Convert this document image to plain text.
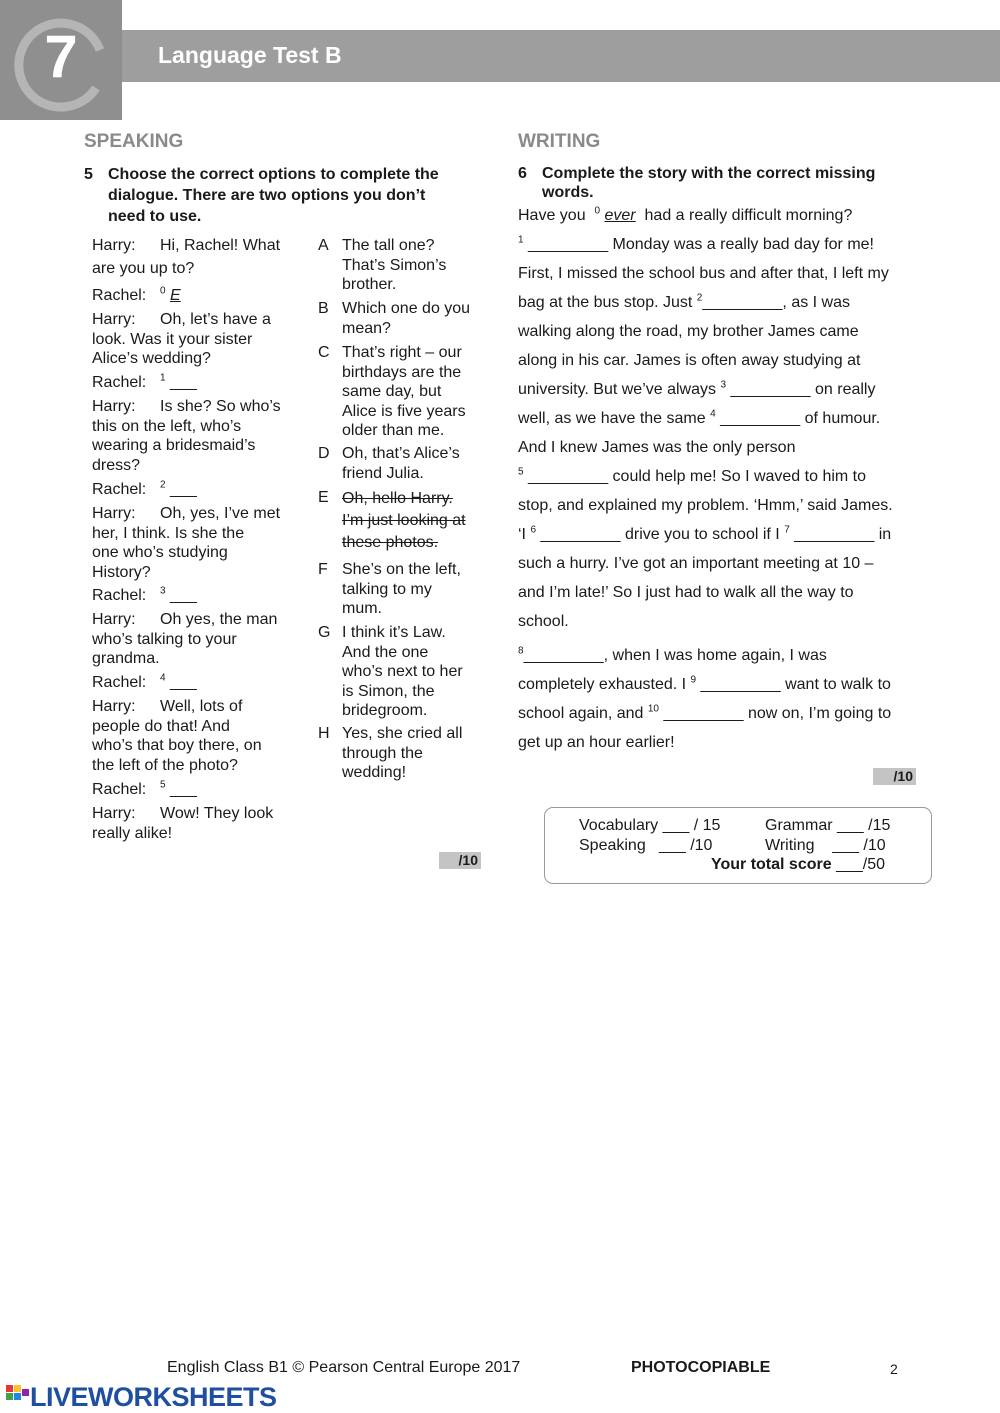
7	Language Test B
SPEAKING
5 Choose the correct options to complete the
dialogue. There are two options you don’t
need to use.
Harry: Hi, Rachel! What
are you up to?
Rachel: $^0$ E
Harry: Oh, let’s have a
look. Was it your sister
Alice’s wedding?
Rachel: $^1$ ___
Harry: Is she? So who’s
this on the left, who’s
wearing a bridesmaid’s
dress?
Rachel: $^2$ ___
Harry: Oh, yes, I’ve met
her, I think. Is she the
one who’s studying
History?
Rachel: $^3$ ___
Harry: Oh yes, the man
who’s talking to your
grandma.
Rachel: $^4$ ___
Harry: Well, lots of
people do that! And
who’s that boy there, on
the left of the photo?
Rachel: $^5$ ___
Harry: Wow! They look
really alike!
A The tall one?
That’s Simon’s
brother.
B Which one do you
mean?
C That’s right – our
birthdays are the
same day, but
Alice is five years
older than me.
D Oh, that’s Alice’s
friend Julia.
E Oh, hello Harry.
I’m just looking at
these photos.
F She’s on the left,
talking to my
mum.
G I think it’s Law.
And the one
who’s next to her
is Simon, the
bridegroom.
H Yes, she cried all
through the
wedding!
/10
WRITING
6 Complete the story with the correct missing
words.
Have you  $^0$ ever  had a really difficult morning?
$^1$ _________ Monday was a really bad day for me!
First, I missed the school bus and after that, I left my
bag at the bus stop. Just $^2$_________, as I was
walking along the road, my brother James came
along in his car. James is often away studying at
university. But we’ve always $^3$ _________ on really
well, as we have the same $^4$ _________ of humour.
And I knew James was the only person
$^5$ _________ could help me! So I waved to him to
stop, and explained my problem. ‘Hmm,’ said James.
‘I $^6$ _________ drive you to school if I $^7$ _________ in
such a hurry. I’ve got an important meeting at 10 –
and I’m late!’ So I just had to walk all the way to
school.
$^8$_________, when I was home again, I was
completely exhausted. I $^9$ _________ want to walk to
school again, and $^{10}$ _________ now on, I’m going to
get up an hour earlier!
/10
Vocabulary ___ / 15	Grammar ___ /15
Speaking   ___ /10	Writing    ___ /10
Your total score ___/50
English Class B1 © Pearson Central Europe 2017	PHOTOCOPIABLE	2
LIVEWORKSHEETS
